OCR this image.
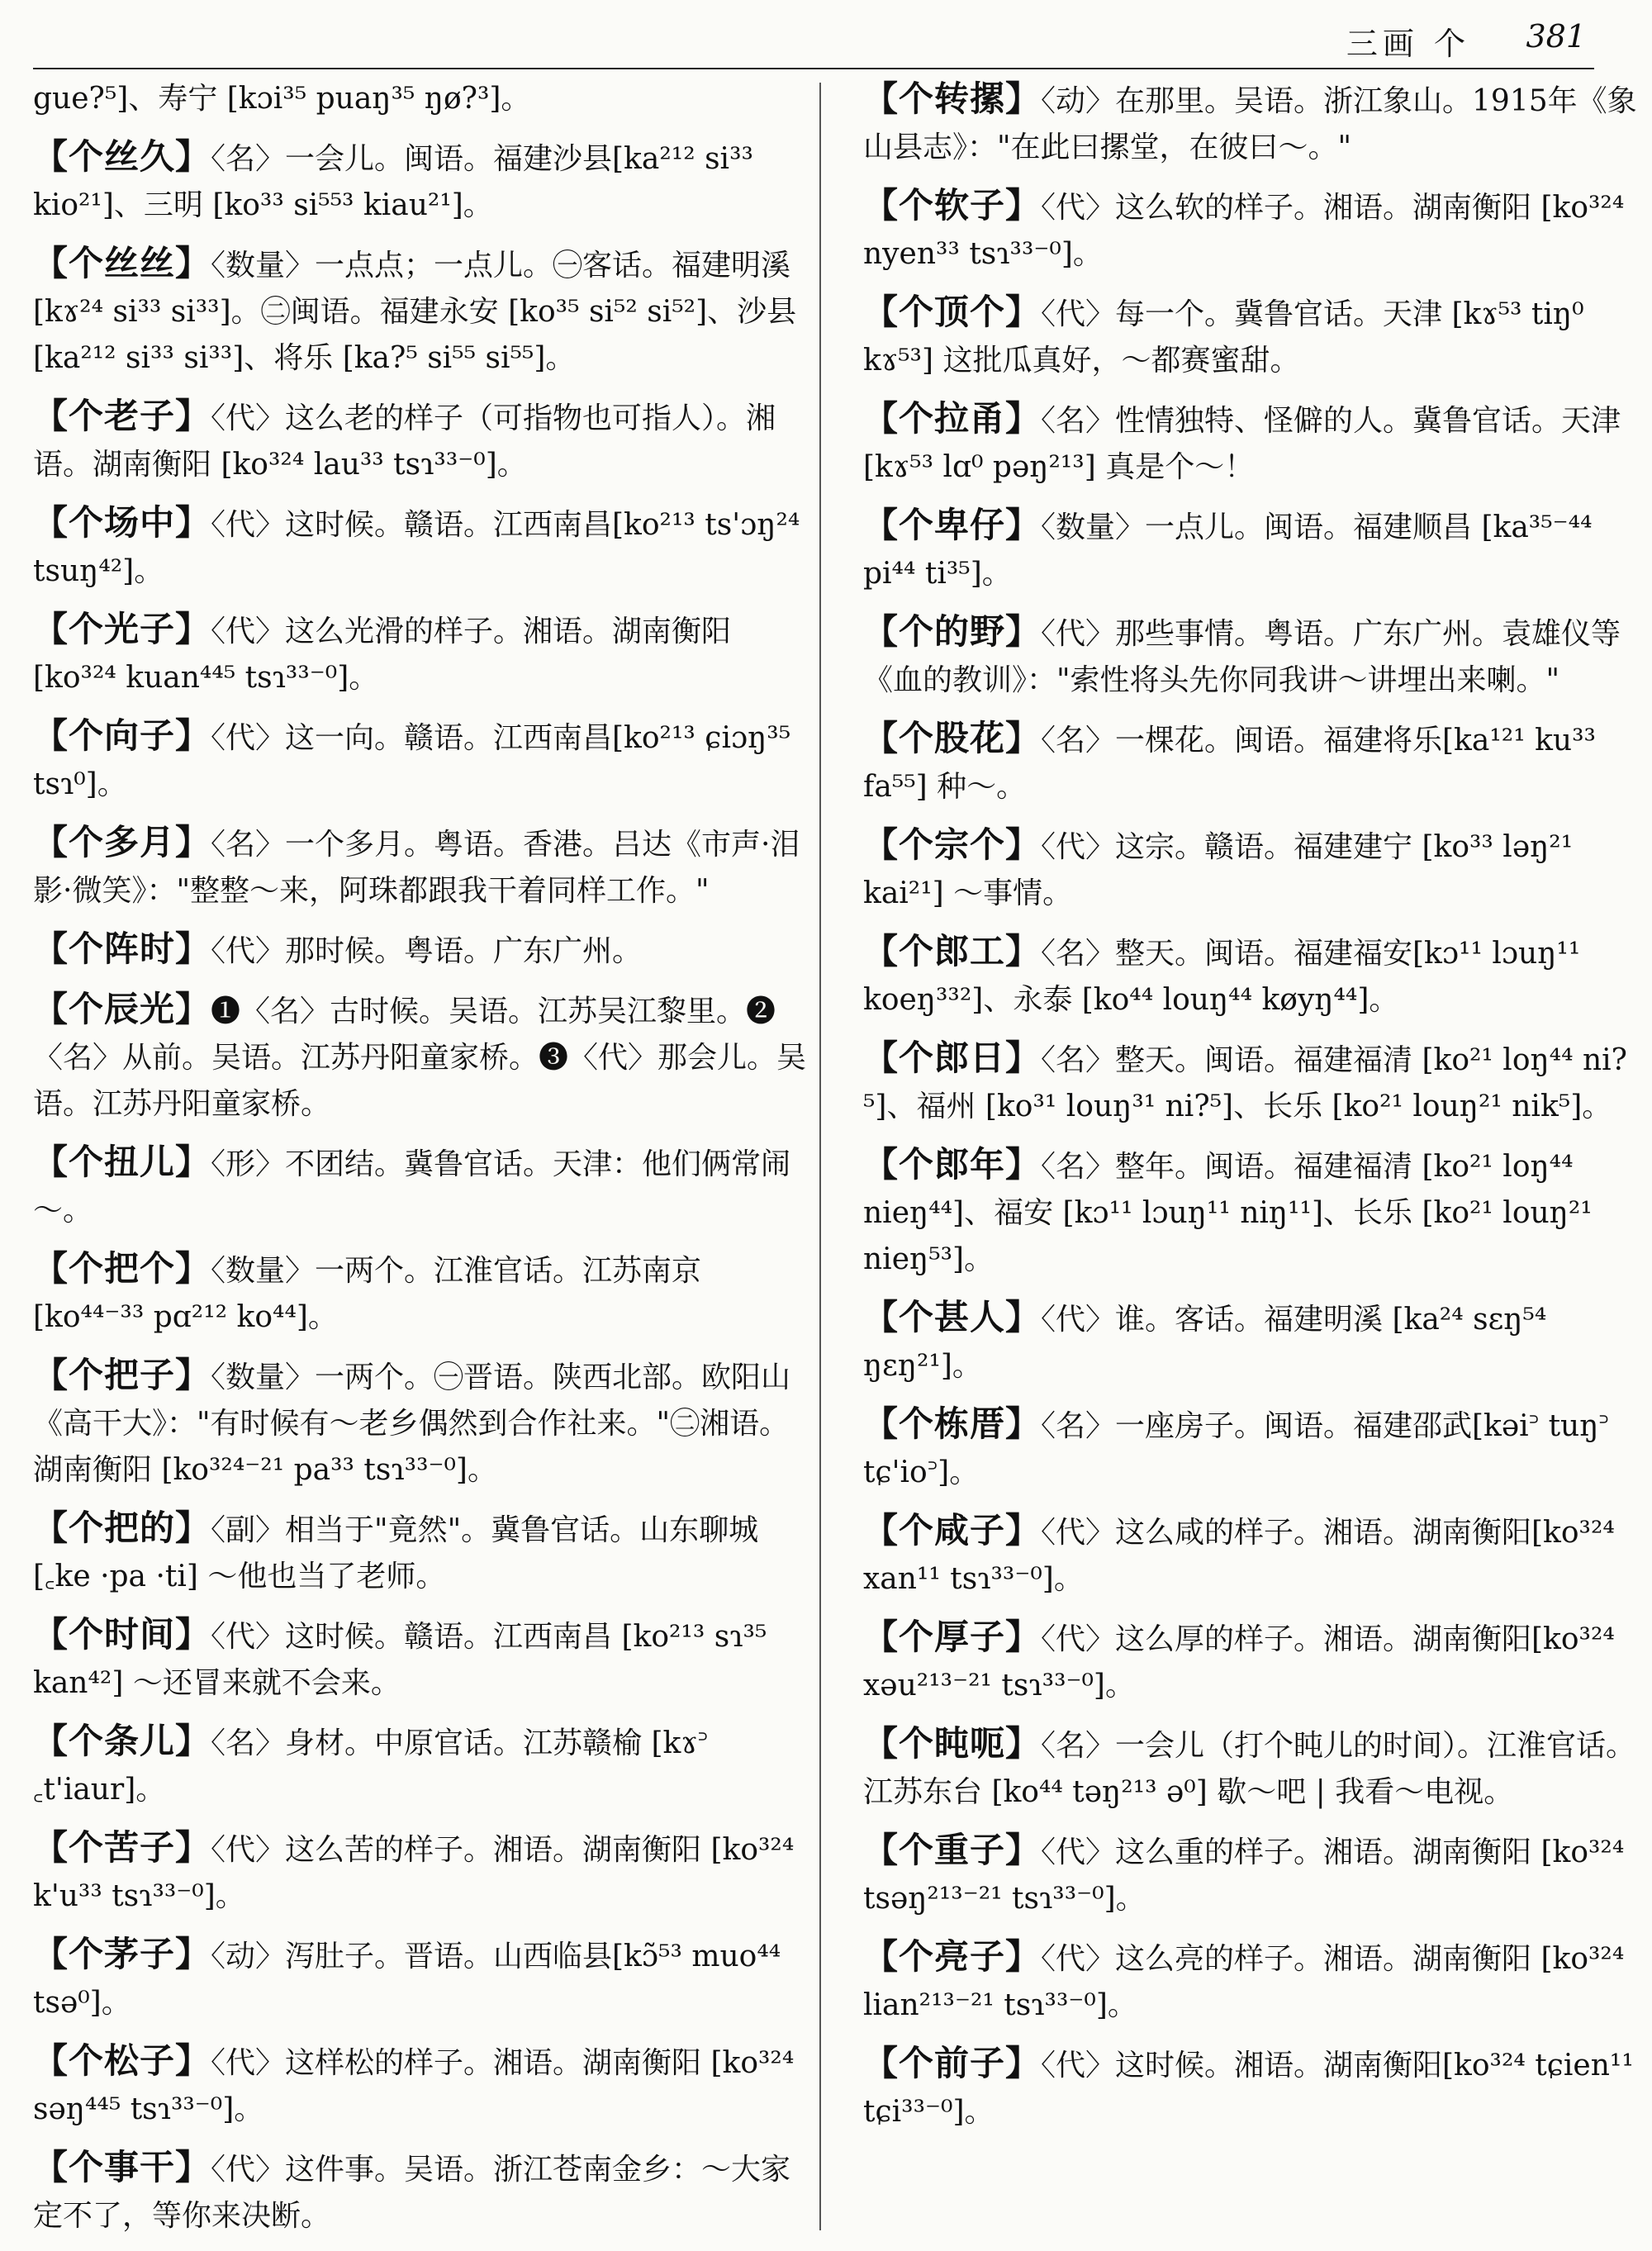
三画 个 381

gue?⁵]、寿宁 [kɔi³⁵ puaŋ³⁵ ŋø?³]。

【个丝久】〈名〉一会儿。闽语。福建沙县[ka²¹² si³³ kio²¹]、三明 [ko³³ si⁵⁵³ kiau²¹]。

【个丝丝】〈数量〉一点点；一点儿。㊀客话。福建明溪 [kɤ²⁴ si³³ si³³]。㊁闽语。福建永安 [ko³⁵ si⁵² si⁵²]、沙县[ka²¹² si³³ si³³]、将乐 [ka?⁵ si⁵⁵ si⁵⁵]。

【个老子】〈代〉这么老的样子（可指物也可指人）。湘语。湖南衡阳 [ko³²⁴ lau³³ tsɿ³³⁻⁰]。

【个场中】〈代〉这时候。赣语。江西南昌[ko²¹³ ts'ɔŋ²⁴ tsuŋ⁴²]。

【个光子】〈代〉这么光滑的样子。湘语。湖南衡阳 [ko³²⁴ kuan⁴⁴⁵ tsɿ³³⁻⁰]。

【个向子】〈代〉这一向。赣语。江西南昌[ko²¹³ ɕiɔŋ³⁵ tsɿ⁰]。

【个多月】〈名〉一个多月。粤语。香港。吕达《市声·泪影·微笑》："整整～来，阿珠都跟我干着同样工作。"

【个阵时】〈代〉那时候。粤语。广东广州。

【个辰光】❶〈名〉古时候。吴语。江苏吴江黎里。❷〈名〉从前。吴语。江苏丹阳童家桥。❸〈代〉那会儿。吴语。江苏丹阳童家桥。

【个扭儿】〈形〉不团结。冀鲁官话。天津：他们俩常闹～。

【个把个】〈数量〉一两个。江淮官话。江苏南京[ko⁴⁴⁻³³ pɑ²¹² ko⁴⁴]。

【个把子】〈数量〉一两个。㊀晋语。陕西北部。欧阳山《高干大》："有时候有～老乡偶然到合作社来。"㊁湘语。湖南衡阳 [ko³²⁴⁻²¹ pa³³ tsɿ³³⁻⁰]。

【个把的】〈副〉相当于"竟然"。冀鲁官话。山东聊城 [꜀ke ·pa ·ti] ～他也当了老师。

【个时间】〈代〉这时候。赣语。江西南昌 [ko²¹³ sɿ³⁵ kan⁴²] ～还冒来就不会来。

【个条儿】〈名〉身材。中原官话。江苏赣榆 [kɤ꜄ ꜀t'iaur]。

【个苦子】〈代〉这么苦的样子。湘语。湖南衡阳 [ko³²⁴ k'u³³ tsɿ³³⁻⁰]。

【个茅子】〈动〉泻肚子。晋语。山西临县[kɔ̃⁵³ muo⁴⁴ tsə⁰]。

【个松子】〈代〉这样松的样子。湘语。湖南衡阳 [ko³²⁴ səŋ⁴⁴⁵ tsɿ³³⁻⁰]。

【个事干】〈代〉这件事。吴语。浙江苍南金乡：～大家定不了，等你来决断。

【个转摞】〈动〉在那里。吴语。浙江象山。1915年《象山县志》："在此曰摞堂，在彼曰～。"

【个软子】〈代〉这么软的样子。湘语。湖南衡阳 [ko³²⁴ nyen³³ tsɿ³³⁻⁰]。

【个顶个】〈代〉每一个。冀鲁官话。天津 [kɤ⁵³ tiŋ⁰ kɤ⁵³] 这批瓜真好，～都赛蜜甜。

【个拉甬】〈名〉性情独特、怪僻的人。冀鲁官话。天津 [kɤ⁵³ lɑ⁰ pəŋ²¹³] 真是个～！

【个卑仔】〈数量〉一点儿。闽语。福建顺昌 [ka³⁵⁻⁴⁴ pi⁴⁴ ti³⁵]。

【个的野】〈代〉那些事情。粤语。广东广州。袁雄仪等《血的教训》："索性将头先你同我讲～讲埋出来喇。"

【个股花】〈名〉一棵花。闽语。福建将乐[ka¹²¹ ku³³ fa⁵⁵] 种～。

【个宗个】〈代〉这宗。赣语。福建建宁 [ko³³ ləŋ²¹ kai²¹] ～事情。

【个郎工】〈名〉整天。闽语。福建福安[kɔ¹¹ lɔuŋ¹¹ koeŋ³³²]、永泰 [ko⁴⁴ louŋ⁴⁴ køyŋ⁴⁴]。

【个郎日】〈名〉整天。闽语。福建福清 [ko²¹ loŋ⁴⁴ ni?⁵]、福州 [ko³¹ louŋ³¹ ni?⁵]、长乐 [ko²¹ louŋ²¹ nik⁵]。

【个郎年】〈名〉整年。闽语。福建福清 [ko²¹ loŋ⁴⁴ nieŋ⁴⁴]、福安 [kɔ¹¹ lɔuŋ¹¹ niŋ¹¹]、长乐 [ko²¹ louŋ²¹ nieŋ⁵³]。

【个甚人】〈代〉谁。客话。福建明溪 [ka²⁴ sɛŋ⁵⁴ ŋɛŋ²¹]。

【个栋厝】〈名〉一座房子。闽语。福建邵武[kəi꜄ tuŋ꜄ tɕ'io꜄]。

【个咸子】〈代〉这么咸的样子。湘语。湖南衡阳[ko³²⁴ xan¹¹ tsɿ³³⁻⁰]。

【个厚子】〈代〉这么厚的样子。湘语。湖南衡阳[ko³²⁴ xəu²¹³⁻²¹ tsɿ³³⁻⁰]。

【个盹呃】〈名〉一会儿（打个盹儿的时间）。江淮官话。江苏东台 [ko⁴⁴ təŋ²¹³ ə⁰] 歇～吧 | 我看～电视。

【个重子】〈代〉这么重的样子。湘语。湖南衡阳 [ko³²⁴ tsəŋ²¹³⁻²¹ tsɿ³³⁻⁰]。

【个亮子】〈代〉这么亮的样子。湘语。湖南衡阳 [ko³²⁴ lian²¹³⁻²¹ tsɿ³³⁻⁰]。

【个前子】〈代〉这时候。湘语。湖南衡阳[ko³²⁴ tɕien¹¹ tɕi³³⁻⁰]。
